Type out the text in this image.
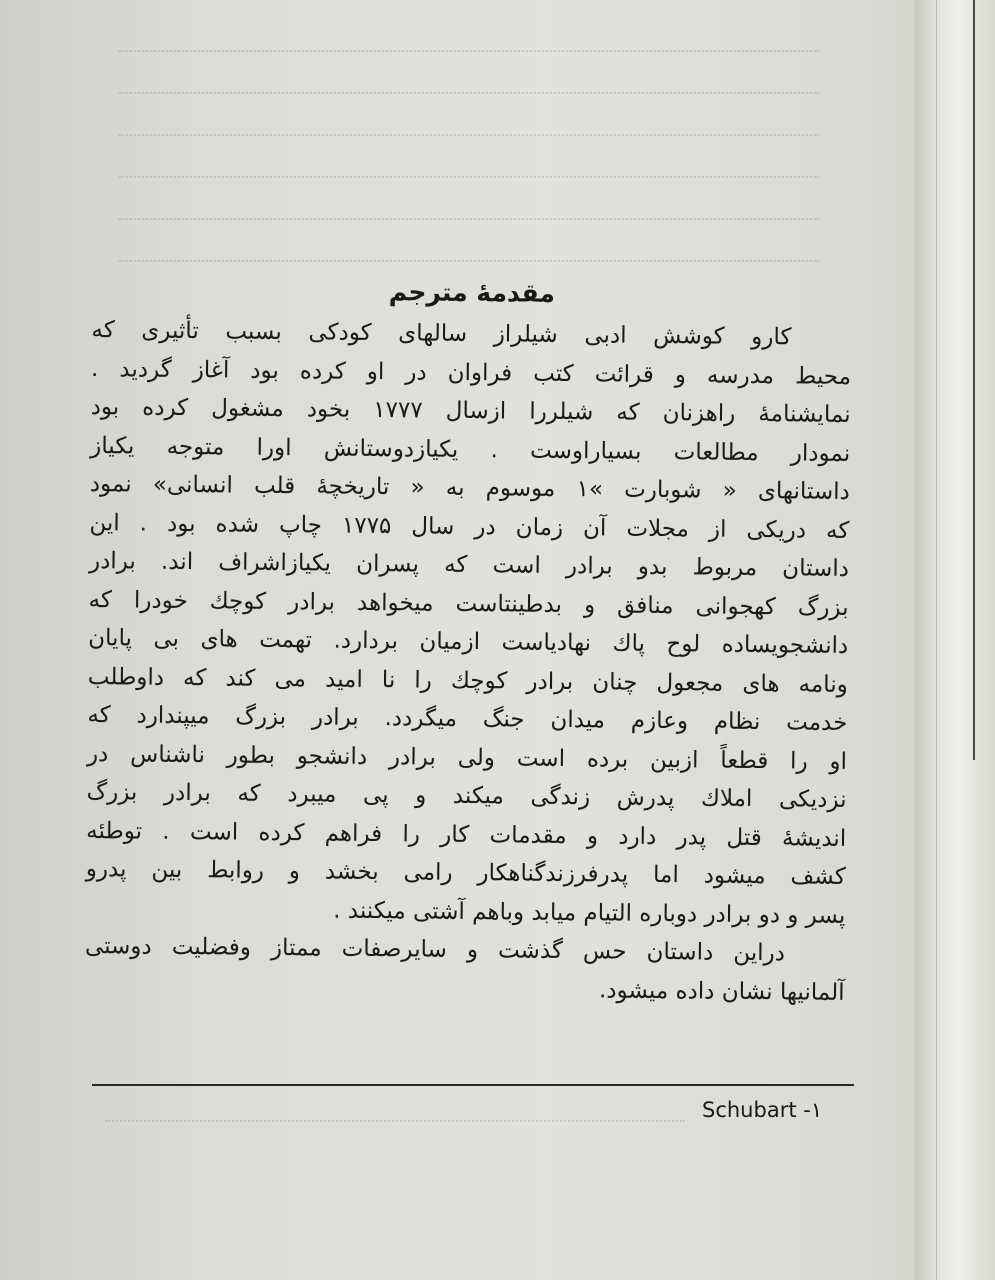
مقدمهٔ مترجم
کارو کوشش ادبی شیلراز سالهای کودکی بسبب تأثیری که
محیط مدرسه و قرائت کتب فراوان در او کرده بود آغاز گردید .
نمایشنامهٔ راهزنان که شیلررا ازسال ۱۷۷۷ بخود مشغول کرده بود
نمودار مطالعات بسیاراوست . یکیازدوستانش اورا متوجه یکیاز
داستانهای « شوبارت »۱ موسوم به « تاریخچهٔ قلب انسانی» نمود
که دریکی از مجلات آن زمان در سال ۱۷۷۵ چاپ شده بود . این
داستان مربوط بدو برادر است که پسران یکیازاشراف اند. برادر
بزرگ کهجوانی منافق و بدطینتاست میخواهد برادر کوچك خودرا که
دانشجویساده لوح پاك نهادیاست ازمیان بردارد. تهمت های بی پایان
ونامه های مجعول چنان برادر کوچك را نا امید می کند که داوطلب
خدمت نظام وعازم میدان جنگ میگردد. برادر بزرگ میپندارد که
او را قطعاً ازبین برده است ولی برادر دانشجو بطور ناشناس در
نزدیکی املاك پدرش زندگی میکند و پی میبرد که برادر بزرگ
اندیشهٔ قتل پدر دارد و مقدمات کار را فراهم کرده است . توطئه
کشف میشود اما پدرفرزندگناهکار رامی بخشد و روابط بین پدرو
پسر و دو برادر دوباره التیام میابد وباهم آشتی میکنند .
دراین داستان حس گذشت و سایرصفات ممتاز وفضلیت دوستی
آلمانیها نشان داده میشود.
Schubart -۱
